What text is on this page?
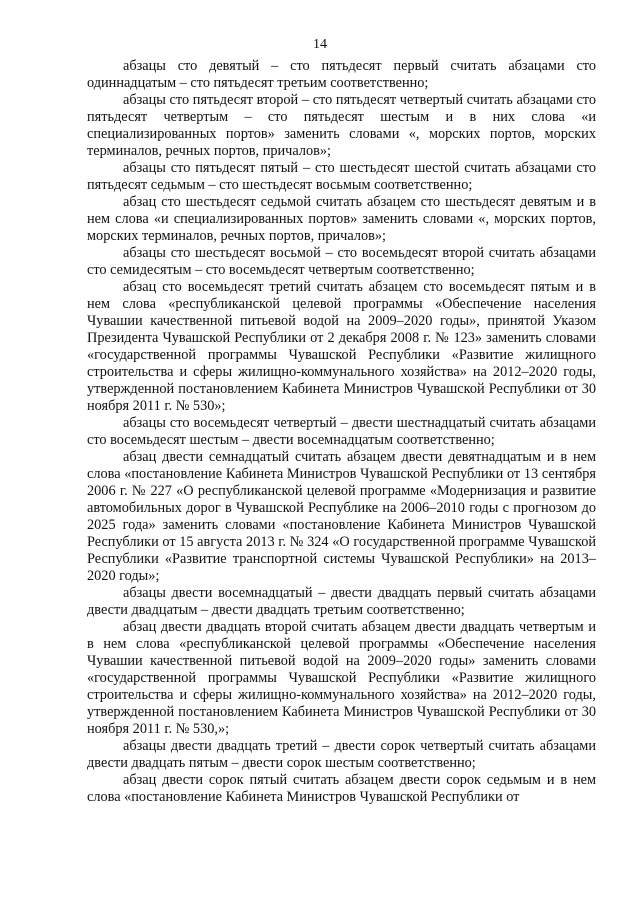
14

абзацы сто девятый – сто пятьдесят первый считать абзацами сто одиннадцатым – сто пятьдесят третьим соответственно;

абзацы сто пятьдесят второй – сто пятьдесят четвертый считать абзацами сто пятьдесят четвертым – сто пятьдесят шестым и в них слова «и специализированных портов» заменить словами «, морских портов, морских терминалов, речных портов, причалов»;

абзацы сто пятьдесят пятый – сто шестьдесят шестой считать абзацами сто пятьдесят седьмым – сто шестьдесят восьмым соответственно;

абзац сто шестьдесят седьмой считать абзацем сто шестьдесят девятым и в нем слова «и специализированных портов» заменить словами «, морских портов, морских терминалов, речных портов, причалов»;

абзацы сто шестьдесят восьмой – сто восемьдесят второй считать абзацами сто семидесятым – сто восемьдесят четвертым соответственно;

абзац сто восемьдесят третий считать абзацем сто восемьдесят пятым и в нем слова «республиканской целевой программы «Обеспечение населения Чувашии качественной питьевой водой на 2009–2020 годы», принятой Указом Президента Чувашской Республики от 2 декабря 2008 г. № 123» заменить словами «государственной программы Чувашской Республики «Развитие жилищного строительства и сферы жилищно-коммунального хозяйства» на 2012–2020 годы, утвержденной постановлением Кабинета Министров Чувашской Республики от 30 ноября 2011 г. № 530»;

абзацы сто восемьдесят четвертый – двести шестнадцатый считать абзацами сто восемьдесят шестым – двести восемнадцатым соответственно;

абзац двести семнадцатый считать абзацем двести девятнадцатым и в нем слова «постановление Кабинета Министров Чувашской Республики от 13 сентября 2006 г. № 227 «О республиканской целевой программе «Модернизация и развитие автомобильных дорог в Чувашской Республике на 2006–2010 годы с прогнозом до 2025 года» заменить словами «постановление Кабинета Министров Чувашской Республики от 15 августа 2013 г. № 324 «О государственной программе Чувашской Республики «Развитие транспортной системы Чувашской Республики» на 2013–2020 годы»;

абзацы двести восемнадцатый – двести двадцать первый считать абзацами двести двадцатым – двести двадцать третьим соответственно;

абзац двести двадцать второй считать абзацем двести двадцать четвертым и в нем слова «республиканской целевой программы «Обеспечение населения Чувашии качественной питьевой водой на 2009–2020 годы» заменить словами «государственной программы Чувашской Республики «Развитие жилищного строительства и сферы жилищно-коммунального хозяйства» на 2012–2020 годы, утвержденной постановлением Кабинета Министров Чувашской Республики от 30 ноября 2011 г. № 530,»;

абзацы двести двадцать третий – двести сорок четвертый считать абзацами двести двадцать пятым – двести сорок шестым соответственно;

абзац двести сорок пятый считать абзацем двести сорок седьмым и в нем слова «постановление Кабинета Министров Чувашской Республики от
